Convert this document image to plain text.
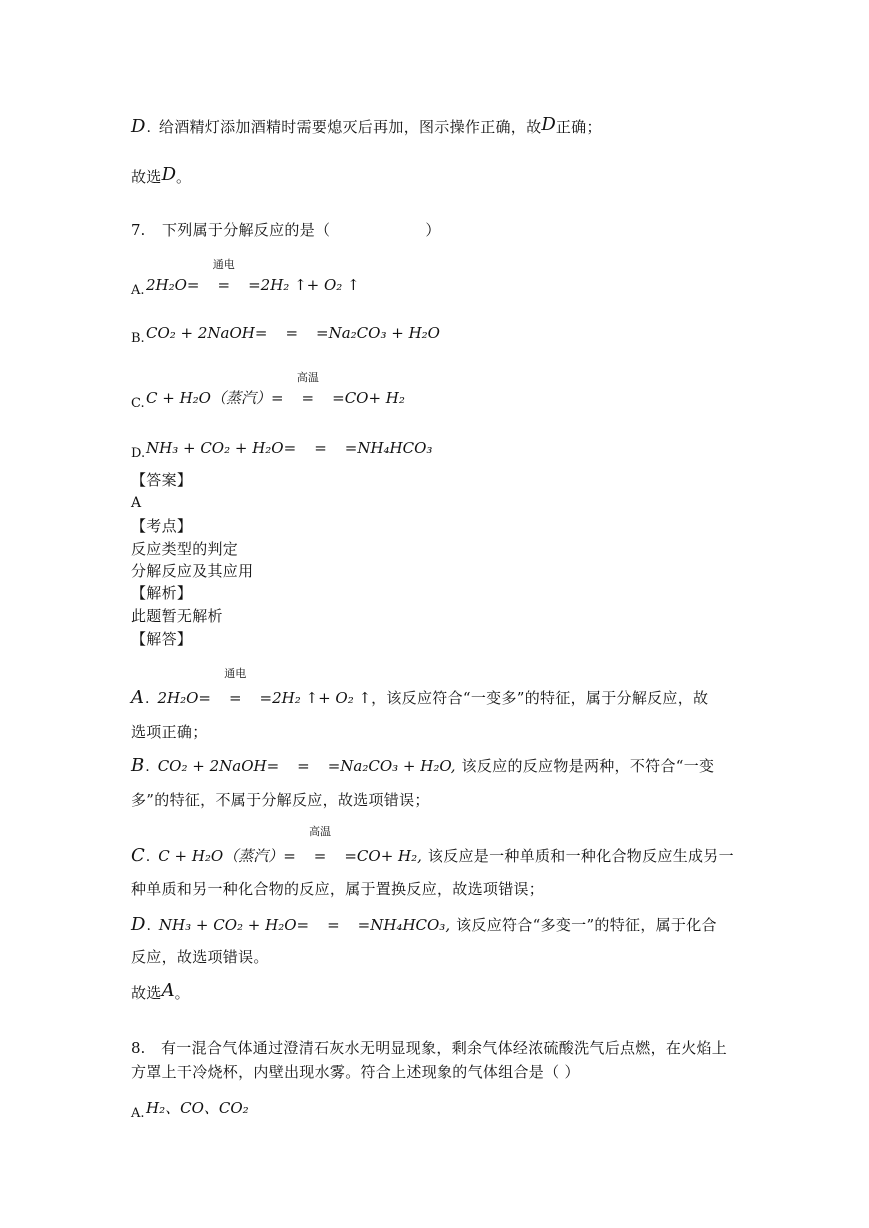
D . 给酒精灯添加酒精时需要熄灭后再加，图示操作正确，故 D 正确；
故选 D 。
7.	下列属于分解反应的是（	）
A. 2H₂O=
通电
= =2H₂ ↑+ O₂ ↑
B. CO₂ + 2NaOH= = =Na₂CO₃ + H₂O
C. C + H₂O（蒸汽）=
高温
= =CO+ H₂
D. NH₃ + CO₂ + H₂O= = =NH₄HCO₃
【答案】
A
【考点】
反应类型的判定
分解反应及其应用
【解析】
此题暂无解析
【解答】
A . 2H₂O=
通电
= =2H₂ ↑+ O₂ ↑ ，该反应符合“一变多”的特征，属于分解反应，故
选项正确；
B . CO₂ + 2NaOH= = =Na₂CO₃ + H₂O, 该反应的反应物是两种，不符合“一变
多”的特征，不属于分解反应，故选项错误；
C . C + H₂O（蒸汽）=
高温
= =CO+ H₂, 该反应是一种单质和一种化合物反应生成另一
种单质和另一种化合物的反应，属于置换反应，故选项错误；
D . NH₃ + CO₂ + H₂O= = =NH₄HCO₃, 该反应符合“多变一”的特征，属于化合
反应，故选项错误。
故选 A 。
8.	有一混合气体通过澄清石灰水无明显现象，剩余气体经浓硫酸洗气后点燃，在火焰上
方罩上干冷烧杯，内壁出现水雾。符合上述现象的气体组合是（ ）
A. H₂、CO、CO₂
